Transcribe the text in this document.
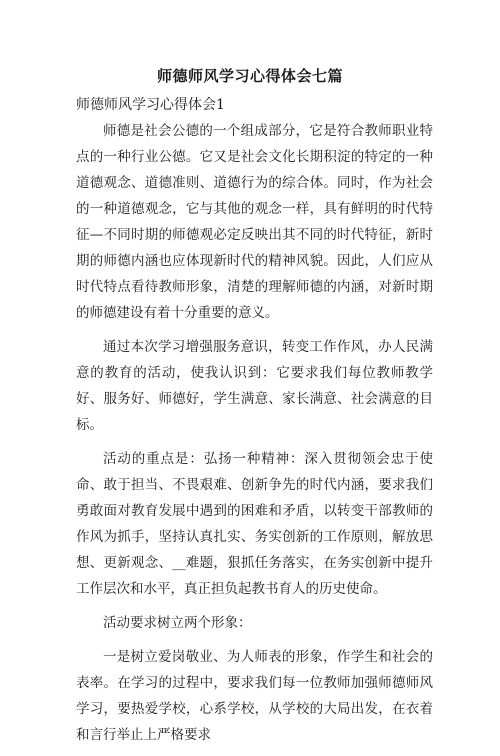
师德师风学习心得体会七篇
师德师风学习心得体会1

师德是社会公德的一个组成部分，它是符合教师职业特点的一种行业公德。它又是社会文化长期积淀的特定的一种道德观念、道德准则、道德行为的综合体。同时，作为社会的一种道德观念，它与其他的观念一样，具有鲜明的时代特征—不同时期的师德观必定反映出其不同的时代特征，新时期的师德内涵也应体现新时代的精神风貌。因此，人们应从时代特点看待教师形象，清楚的理解师德的内涵，对新时期的师德建设有着十分重要的意义。

通过本次学习增强服务意识，转变工作作风，办人民满意的教育的活动，使我认识到：它要求我们每位教师教学好、服务好、师德好，学生满意、家长满意、社会满意的目标。

活动的重点是：弘扬一种精神：深入贯彻领会忠于使命、敢于担当、不畏艰难、创新争先的时代内涵，要求我们勇敢面对教育发展中遇到的困难和矛盾，以转变干部教师的作风为抓手，坚持认真扎实、务实创新的工作原则，解放思想、更新观念、__难题，狠抓任务落实，在务实创新中提升工作层次和水平，真正担负起教书育人的历史使命。

活动要求树立两个形象：

一是树立爱岗敬业、为人师表的形象，作学生和社会的表率。在学习的过程中，要求我们每一位教师加强师德师风学习，要热爱学校，心系学校，从学校的大局出发，在衣着和言行举止上严格要求
